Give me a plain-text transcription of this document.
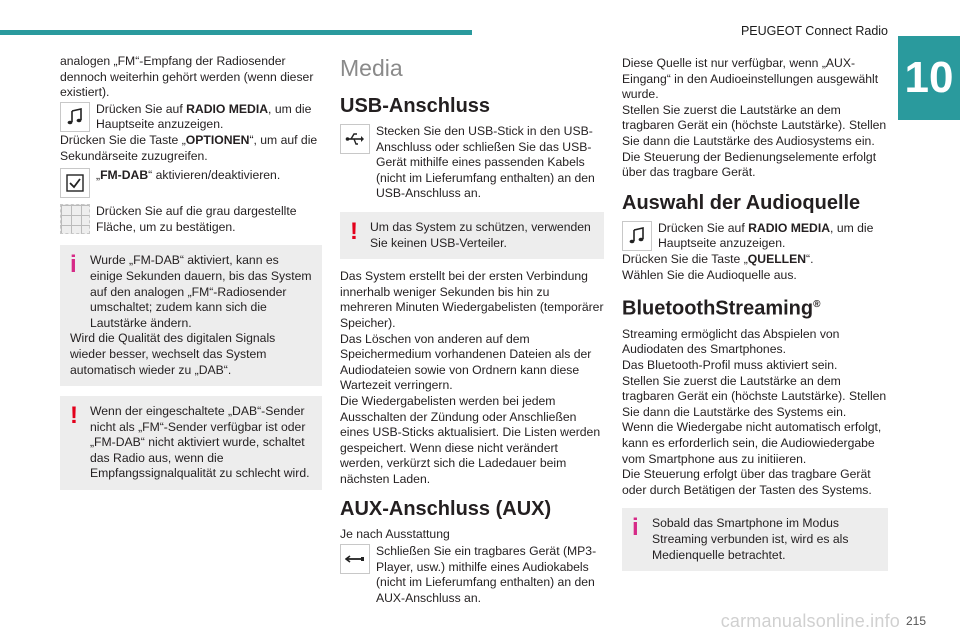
PEUGEOT Connect Radio
10

analogen „FM“-Empfang der Radiosender dennoch weiterhin gehört werden (wenn dieser existiert).

Drücken Sie auf RADIO MEDIA, um die Hauptseite anzuzeigen.

Drücken Sie die Taste „OPTIONEN“, um auf die Sekundärseite zuzugreifen.

„FM-DAB“ aktivieren/deaktivieren.

Drücken Sie auf die grau dargestellte Fläche, um zu bestätigen.

i	Wurde „FM-DAB“ aktiviert, kann es einige Sekunden dauern, bis das System auf den analogen „FM“-Radiosender umschaltet; zudem kann sich die Lautstärke ändern.

Wird die Qualität des digitalen Signals wieder besser, wechselt das System automatisch wieder zu „DAB“.

! Wenn der eingeschaltete „DAB“-Sender nicht als „FM“-Sender verfügbar ist oder „FM-DAB“ nicht aktiviert wurde, schaltet das Radio aus, wenn die Empfangssignalqualität zu schlecht wird.

Media
USB-Anschluss

Stecken Sie den USB-Stick in den USB-Anschluss oder schließen Sie das USB-Gerät mithilfe eines passenden Kabels (nicht im Lieferumfang enthalten) an den USB-Anschluss an.

! Um das System zu schützen, verwenden Sie keinen USB-Verteiler.

Das System erstellt bei der ersten Verbindung innerhalb weniger Sekunden bis hin zu mehreren Minuten Wiedergabelisten (temporärer Speicher).

Das Löschen von anderen auf dem Speichermedium vorhandenen Dateien als der Audiodateien sowie von Ordnern kann diese Wartezeit verringern.

Die Wiedergabelisten werden bei jedem Ausschalten der Zündung oder Anschließen eines USB-Sticks aktualisiert. Die Listen werden gespeichert. Wenn diese nicht verändert werden, verkürzt sich die Ladedauer beim nächsten Laden.

AUX-Anschluss (AUX)

Je nach Ausstattung

Schließen Sie ein tragbares Gerät (MP3-Player, usw.) mithilfe eines Audiokabels (nicht im Lieferumfang enthalten) an den AUX-Anschluss an.

Diese Quelle ist nur verfügbar, wenn „AUX-Eingang“ in den Audioeinstellungen ausgewählt wurde.

Stellen Sie zuerst die Lautstärke an dem tragbaren Gerät ein (höchste Lautstärke). Stellen Sie dann die Lautstärke des Audiosystems ein.

Die Steuerung der Bedienungselemente erfolgt über das tragbare Gerät.

Auswahl der Audioquelle

Drücken Sie auf RADIO MEDIA, um die Hauptseite anzuzeigen.

Drücken Sie die Taste „QUELLEN“.

Wählen Sie die Audioquelle aus.

BluetoothStreaming®

Streaming ermöglicht das Abspielen von Audiodaten des Smartphones.
Das Bluetooth-Profil muss aktiviert sein.
Stellen Sie zuerst die Lautstärke an dem tragbaren Gerät ein (höchste Lautstärke). Stellen Sie dann die Lautstärke des Systems ein.
Wenn die Wiedergabe nicht automatisch erfolgt, kann es erforderlich sein, die Audiowiedergabe vom Smartphone aus zu initiieren.
Die Steuerung erfolgt über das tragbare Gerät oder durch Betätigen der Tasten des Systems.

i	Sobald das Smartphone im Modus Streaming verbunden ist, wird es als Medienquelle betrachtet.

carmanualsonline.info 215
